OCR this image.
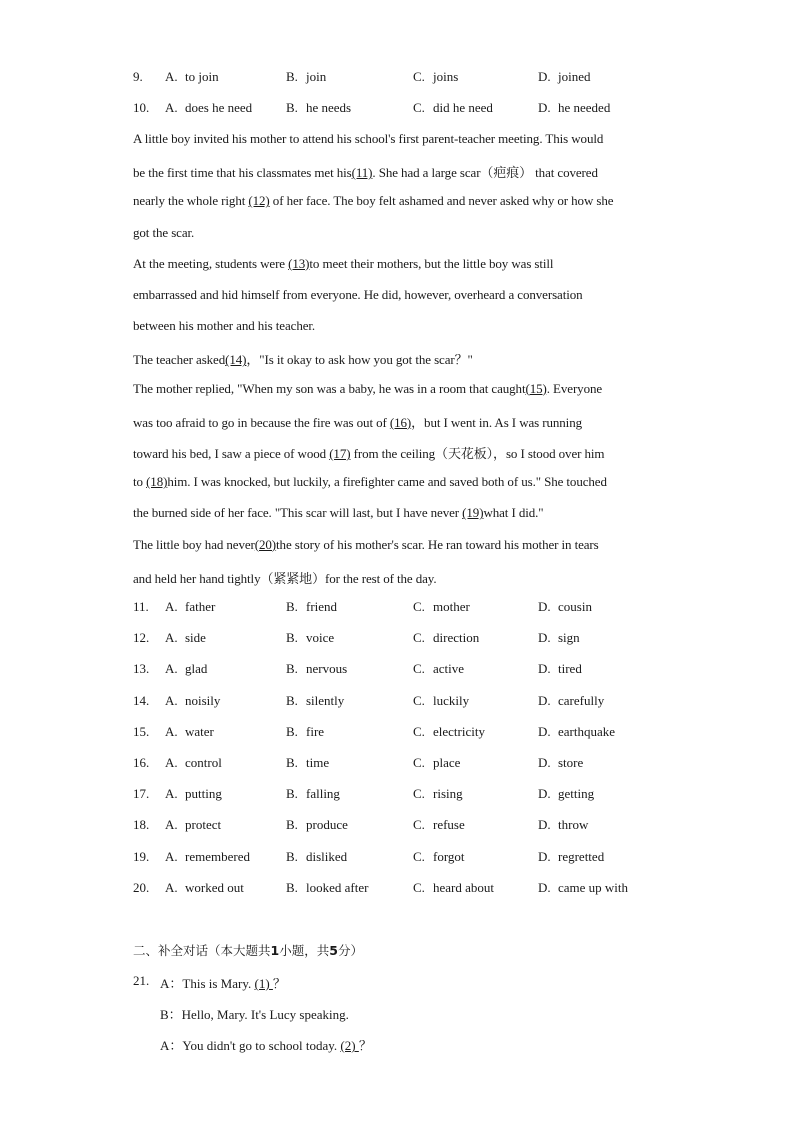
9. A. to join	B. join	C. joins	D. joined
10. A. does he need	B. he needs	C. did he need	D. he needed
A little boy invited his mother to attend his school's first parent-teacher meeting. This would
be the first time that his classmates met his(11). She had a large scar（疤痕） that covered
nearly the whole right (12) of her face. The boy felt ashamed and never asked why or how she
got the scar.
At the meeting, students were (13)to meet their mothers, but the little boy was still
embarrassed and hid himself from everyone. He did, however, overheard a conversation
between his mother and his teacher.
The teacher asked(14)，"Is it okay to ask how you got the scar？"
The mother replied, "When my son was a baby, he was in a room that caught(15). Everyone
was too afraid to go in because the fire was out of (16)，but I went in. As I was running
toward his bed, I saw a piece of wood (17) from the ceiling（天花板），so I stood over him
to (18)him. I was knocked, but luckily, a firefighter came and saved both of us." She touched
the burned side of her face. "This scar will last, but I have never (19)what I did."
The little boy had never(20)the story of his mother's scar. He ran toward his mother in tears
and held her hand tightly（紧紧地）for the rest of the day.
11. A. father	B. friend	C. mother	D. cousin
12. A. side	B. voice	C. direction	D. sign
13. A. glad	B. nervous	C. active	D. tired
14. A. noisily	B. silently	C. luckily	D. carefully
15. A. water	B. fire	C. electricity	D. earthquake
16. A. control	B. time	C. place	D. store
17. A. putting	B. falling	C. rising	D. getting
18. A. protect	B. produce	C. refuse	D. throw
19. A. remembered	B. disliked	C. forgot	D. regretted
20. A. worked out	B. looked after	C. heard about	D. came up with
二、补全对话（本大题共1小题，共5分）
21. A：This is Mary. (1) ？
B：Hello, Mary. It's Lucy speaking.
A：You didn't go to school today. (2) ？
